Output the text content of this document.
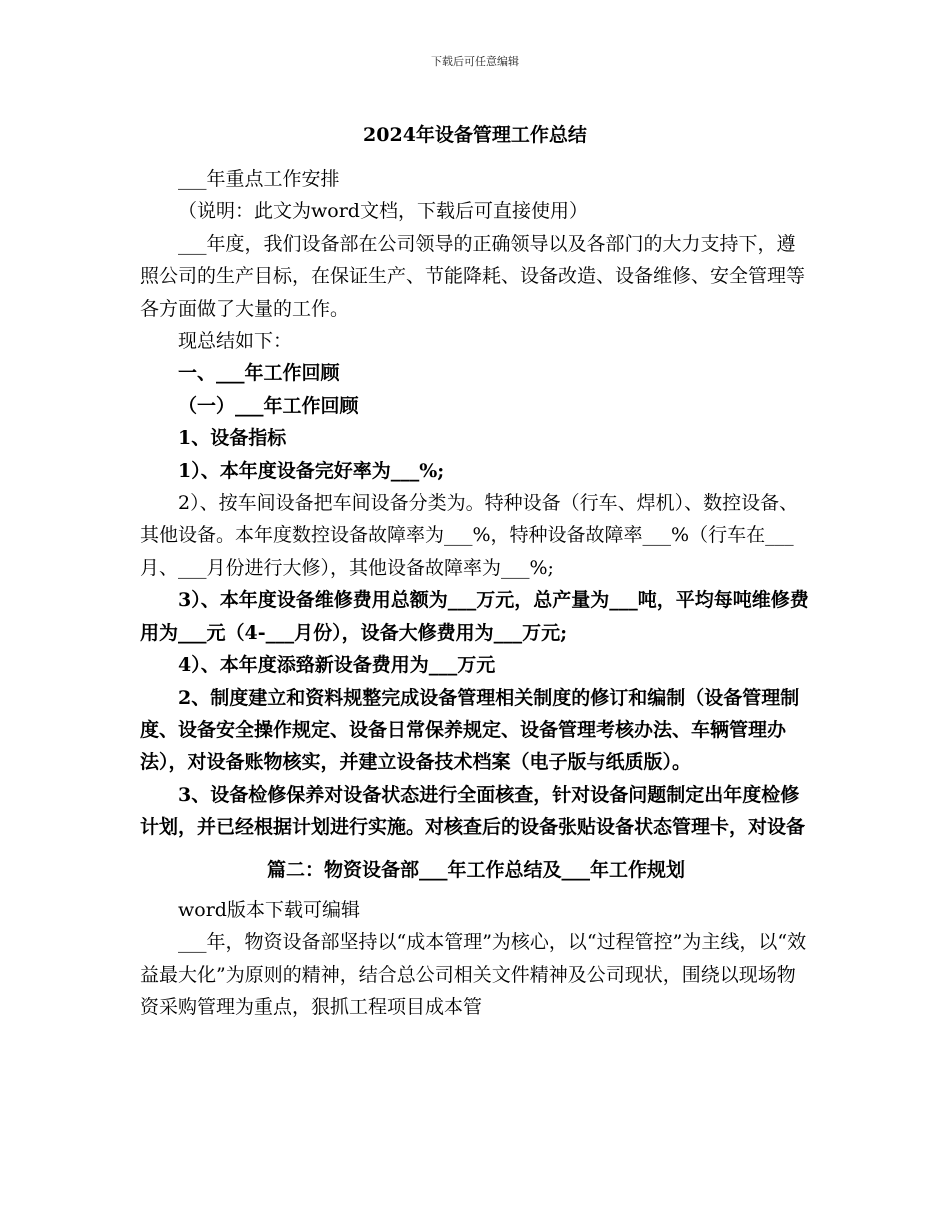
下载后可任意编辑
2024年设备管理工作总结

___年重点工作安排

（说明：此文为word文档，下载后可直接使用）

___年度，我们设备部在公司领导的正确领导以及各部门的大力支持下，遵照公司的生产目标，在保证生产、节能降耗、设备改造、设备维修、安全管理等各方面做了大量的工作。

现总结如下：

一、___年工作回顾

（一）___年工作回顾

1、设备指标

1）、本年度设备完好率为___%;

2）、按车间设备把车间设备分类为。特种设备（行车、焊机）、数控设备、其他设备。本年度数控设备故障率为___%，特种设备故障率___%（行车在___月、___月份进行大修），其他设备故障率为___%;

3）、本年度设备维修费用总额为___万元，总产量为___吨，平均每吨维修费用为___元（4-___月份），设备大修费用为___万元;

4）、本年度添臵新设备费用为___万元

2、制度建立和资料规整完成设备管理相关制度的修订和编制（设备管理制度、设备安全操作规定、设备日常保养规定、设备管理考核办法、车辆管理办法），对设备账物核实，并建立设备技术档案（电子版与纸质版）。

3、设备检修保养对设备状态进行全面核查，针对设备问题制定出年度检修计划，并已经根据计划进行实施。对核查后的设备张贴设备状态管理卡，对设备

篇二：物资设备部___年工作总结及___年工作规划

word版本下载可编辑

___年，物资设备部坚持以“成本管理”为核心，以“过程管控”为主线，以“效益最大化”为原则的精神，结合总公司相关文件精神及公司现状，围绕以现场物资采购管理为重点，狠抓工程项目成本管
